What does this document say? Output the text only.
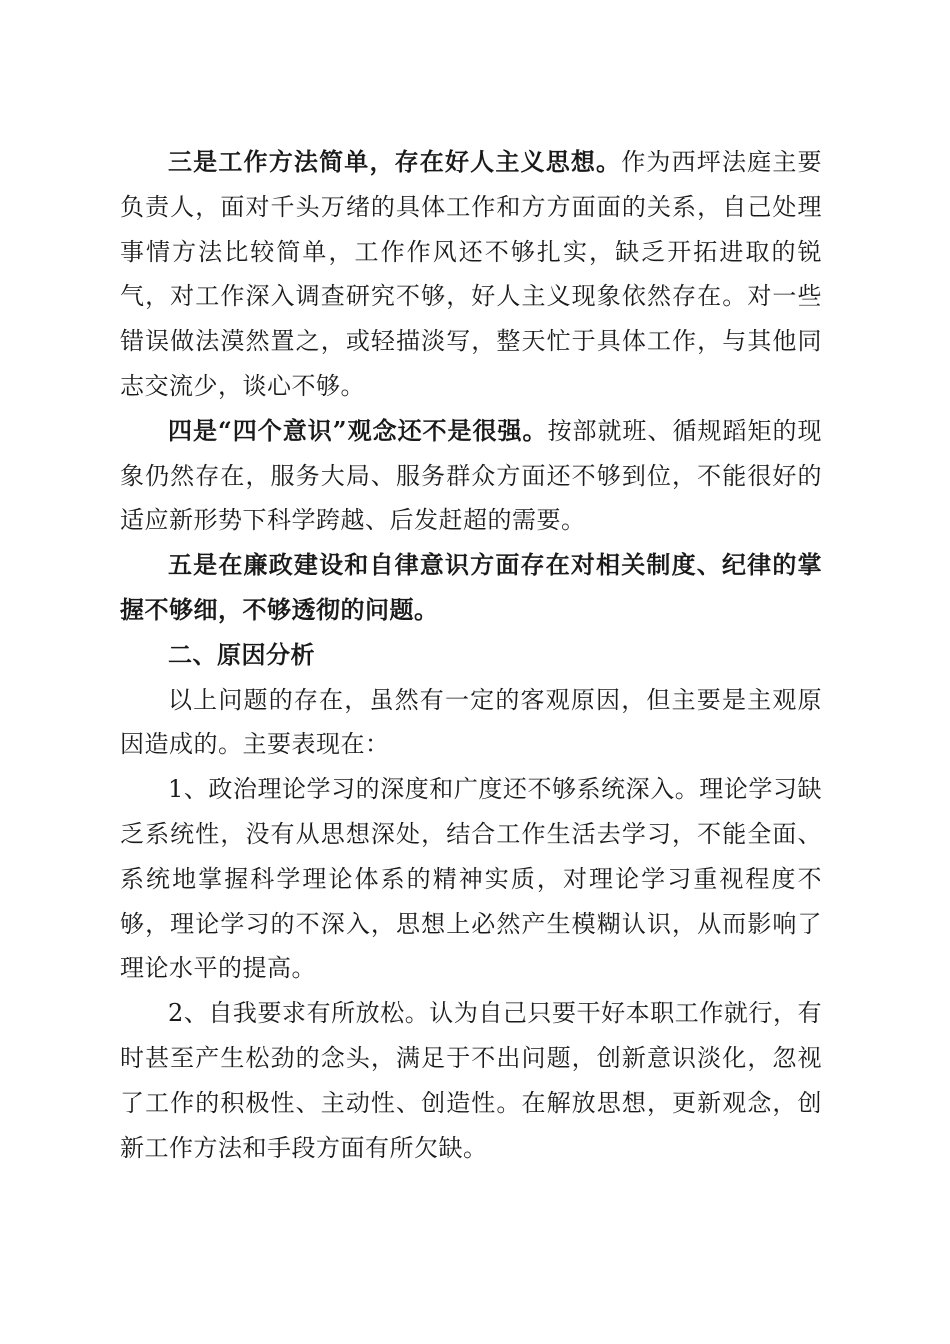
三是工作方法简单，存在好人主义思想。作为西坪法庭主要负责人，面对千头万绪的具体工作和方方面面的关系，自己处理事情方法比较简单，工作作风还不够扎实，缺乏开拓进取的锐气，对工作深入调查研究不够，好人主义现象依然存在。对一些错误做法漠然置之，或轻描淡写，整天忙于具体工作，与其他同志交流少，谈心不够。

四是“四个意识”观念还不是很强。按部就班、循规蹈矩的现象仍然存在，服务大局、服务群众方面还不够到位，不能很好的适应新形势下科学跨越、后发赶超的需要。

五是在廉政建设和自律意识方面存在对相关制度、纪律的掌握不够细，不够透彻的问题。

二、原因分析

以上问题的存在，虽然有一定的客观原因，但主要是主观原因造成的。主要表现在：

1、政治理论学习的深度和广度还不够系统深入。理论学习缺乏系统性，没有从思想深处，结合工作生活去学习，不能全面、系统地掌握科学理论体系的精神实质，对理论学习重视程度不够，理论学习的不深入，思想上必然产生模糊认识，从而影响了理论水平的提高。

2、自我要求有所放松。认为自己只要干好本职工作就行，有时甚至产生松劲的念头，满足于不出问题，创新意识淡化，忽视了工作的积极性、主动性、创造性。在解放思想，更新观念，创新工作方法和手段方面有所欠缺。
